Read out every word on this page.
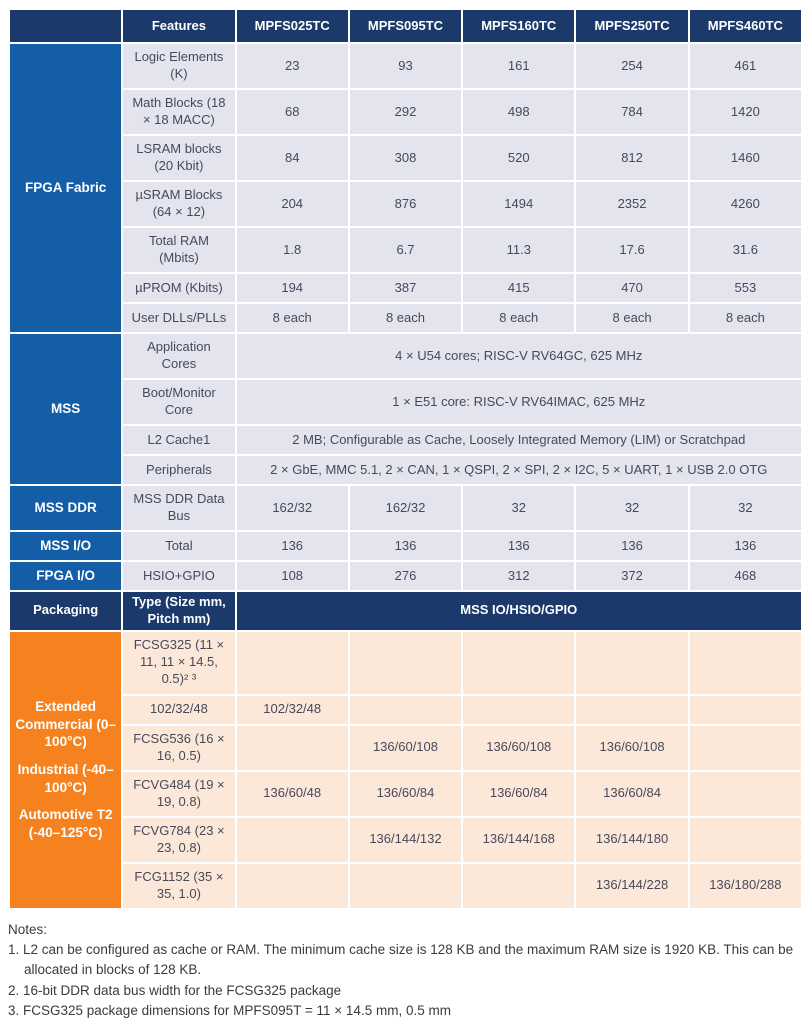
	Features	MPFS025TC	MPFS095TC	MPFS160TC	MPFS250TC	MPFS460TC
FPGA Fabric	Logic Elements (K)	23	93	161	254	461
	Math Blocks (18 × 18 MACC)	68	292	498	784	1420
	LSRAM blocks (20 Kbit)	84	308	520	812	1460
	µSRAM Blocks (64 × 12)	204	876	1494	2352	4260
	Total RAM (Mbits)	1.8	6.7	11.3	17.6	31.6
	µPROM (Kbits)	194	387	415	470	553
	User DLLs/PLLs	8 each	8 each	8 each	8 each	8 each
MSS	Application Cores	4 × U54 cores; RISC-V RV64GC, 625 MHz				
	Boot/Monitor Core	1 × E51 core: RISC-V RV64IMAC, 625 MHz				
	L2 Cache1	2 MB; Configurable as Cache, Loosely Integrated Memory (LIM) or Scratchpad				
	Peripherals	2 × GbE, MMC 5.1, 2 × CAN, 1 × QSPI, 2 × SPI, 2 × I2C, 5 × UART, 1 × USB 2.0 OTG				
MSS DDR	MSS DDR Data Bus	162/32	162/32	32	32	32
MSS I/O	Total	136	136	136	136	136
FPGA I/O	HSIO+GPIO	108	276	312	372	468
Packaging	Type (Size mm, Pitch mm)	MSS IO/HSIO/GPIO				

Extended Commercial (0–100°C)
Industrial (-40–100°C)
Automotive T2 (-40–125°C)	FCSG325 (11 × 11, 11 × 14.5, 0.5)² ³					
	102/32/48	102/32/48				
	FCSG536 (16 × 16, 0.5)		136/60/108	136/60/108	136/60/108	
	FCVG484 (19 × 19, 0.8)	136/60/48	136/60/84	136/60/84	136/60/84	
	FCVG784 (23 × 23, 0.8)		136/144/132	136/144/168	136/144/180	
	FCG1152 (35 × 35, 1.0)				136/144/228	136/180/288
Notes:
1. L2 can be configured as cache or RAM. The minimum cache size is 128 KB and the maximum RAM size is 1920 KB. This can be allocated in blocks of 128 KB.
2. 16-bit DDR data bus width for the FCSG325 package
3. FCSG325 package dimensions for MPFS095T = 11 × 14.5 mm, 0.5 mm
